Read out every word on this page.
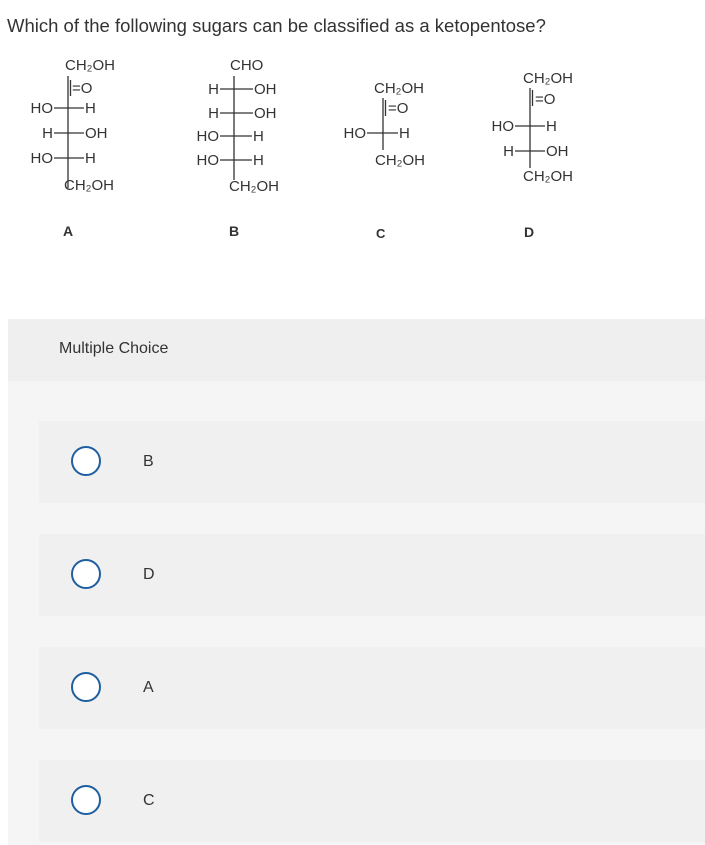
Which of the following sugars can be classified as a ketopentose?
CH₂OH
=O
HO H
H OH
HO H
CH₂OH
A
CHO
H OH
H OH
HO H
HO H
CH₂OH
B
CH₂OH
=O
HO H
CH₂OH
C
CH₂OH
=O
HO H
H OH
CH₂OH
D
Multiple Choice
B
D
A
C
